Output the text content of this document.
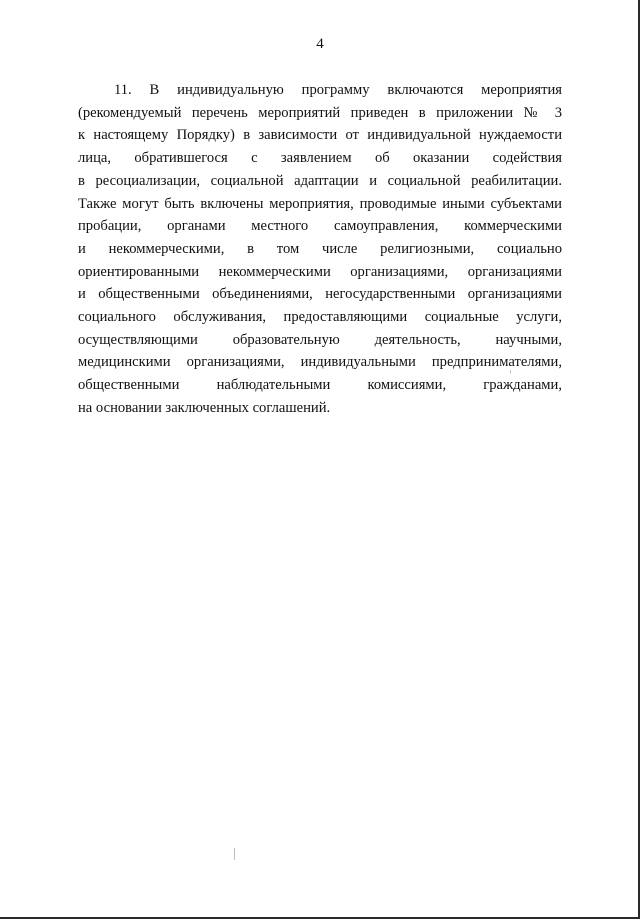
4
11. В индивидуальную программу включаются мероприятия
(рекомендуемый перечень мероприятий приведен в приложении № 3
к настоящему Порядку) в зависимости от индивидуальной нуждаемости
лица, обратившегося с заявлением об оказании содействия
в ресоциализации, социальной адаптации и социальной реабилитации.
Также могут быть включены мероприятия, проводимые иными субъектами
пробации, органами местного самоуправления, коммерческими
и некоммерческими, в том числе религиозными, социально
ориентированными некоммерческими организациями, организациями
и общественными объединениями, негосударственными организациями
социального обслуживания, предоставляющими социальные услуги,
осуществляющими образовательную деятельность, научными,
медицинскими организациями, индивидуальными предпринимателями,
общественными наблюдательными комиссиями, гражданами,
на основании заключенных соглашений.
